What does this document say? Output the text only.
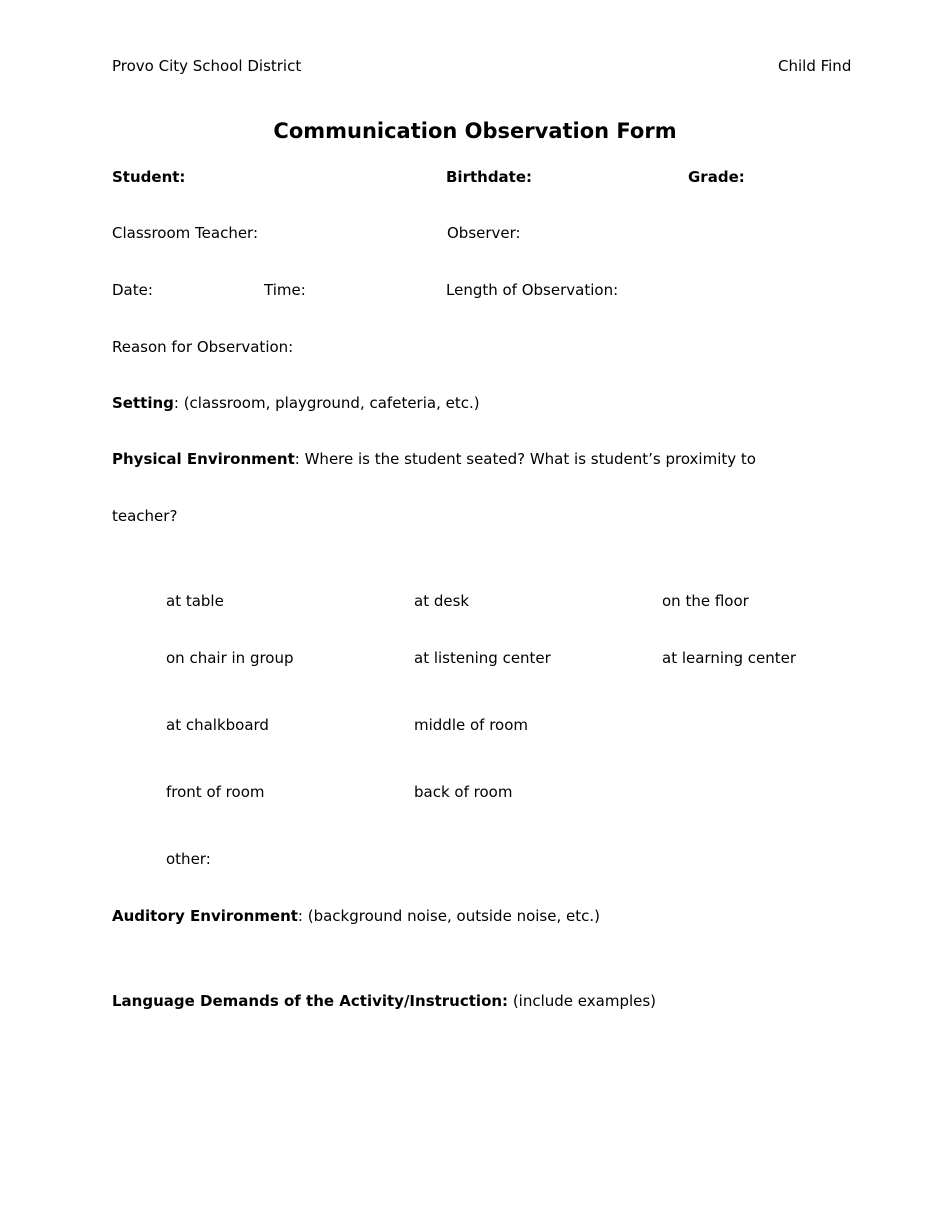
Provo City School District	Child Find
Communication Observation Form
Student:	Birthdate:	Grade:
Classroom Teacher:	Observer:
Date:	Time:	Length of Observation:
Reason for Observation:
Setting: (classroom, playground, cafeteria, etc.)
Physical Environment: Where is the student seated? What is student’s proximity to
teacher?
at table	at desk	on the floor
on chair in group	at listening center	at learning center
at chalkboard	middle of room
front of room	back of room
other:
Auditory Environment: (background noise, outside noise, etc.)
Language Demands of the Activity/Instruction: (include examples)
